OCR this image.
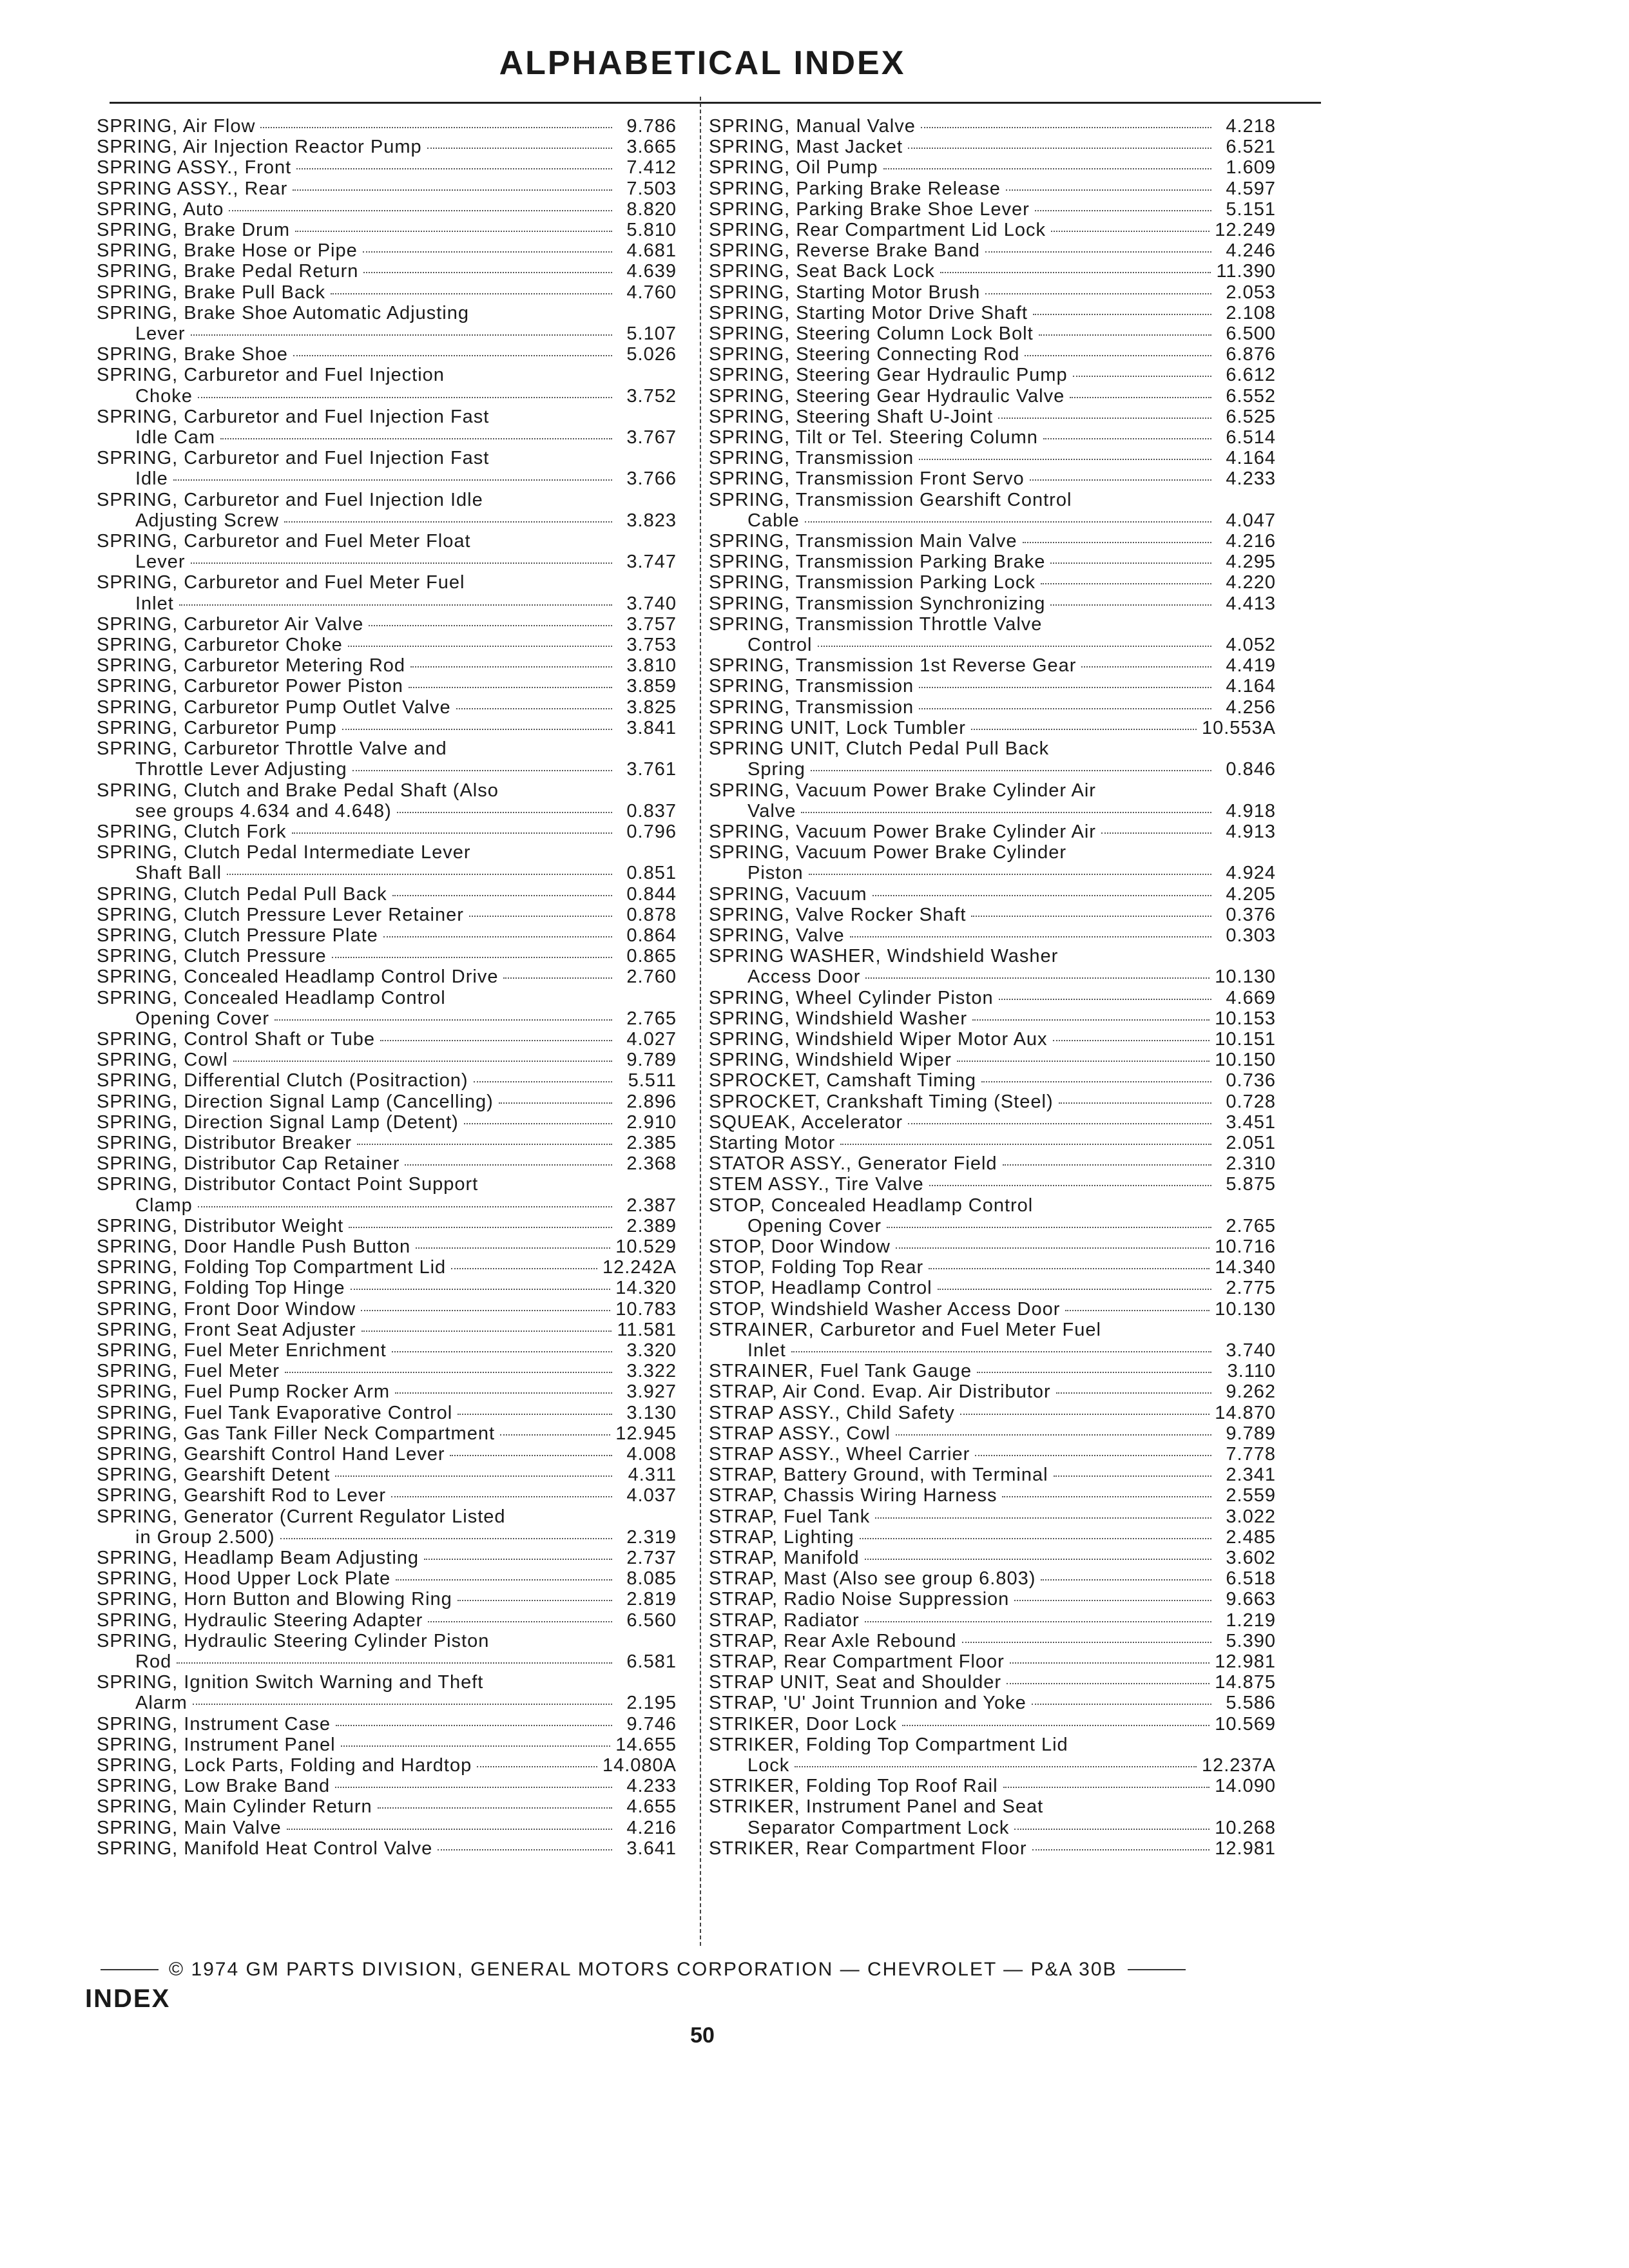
ALPHABETICAL INDEX
SPRING, Air Flow	9.786
SPRING, Air Injection Reactor Pump	3.665
SPRING ASSY., Front	7.412
SPRING ASSY., Rear	7.503
SPRING, Auto	8.820
SPRING, Brake Drum	5.810
SPRING, Brake Hose or Pipe	4.681
SPRING, Brake Pedal Return	4.639
SPRING, Brake Pull Back	4.760
SPRING, Brake Shoe Automatic Adjusting
Lever	5.107
SPRING, Brake Shoe	5.026
SPRING, Carburetor and Fuel Injection
Choke	3.752
SPRING, Carburetor and Fuel Injection Fast
Idle Cam	3.767
SPRING, Carburetor and Fuel Injection Fast
Idle	3.766
SPRING, Carburetor and Fuel Injection Idle
Adjusting Screw	3.823
SPRING, Carburetor and Fuel Meter Float
Lever	3.747
SPRING, Carburetor and Fuel Meter Fuel
Inlet	3.740
SPRING, Carburetor Air Valve	3.757
SPRING, Carburetor Choke	3.753
SPRING, Carburetor Metering Rod	3.810
SPRING, Carburetor Power Piston	3.859
SPRING, Carburetor Pump Outlet Valve	3.825
SPRING, Carburetor Pump	3.841
SPRING, Carburetor Throttle Valve and
Throttle Lever Adjusting	3.761
SPRING, Clutch and Brake Pedal Shaft (Also
see groups 4.634 and 4.648)	0.837
SPRING, Clutch Fork	0.796
SPRING, Clutch Pedal Intermediate Lever
Shaft Ball	0.851
SPRING, Clutch Pedal Pull Back	0.844
SPRING, Clutch Pressure Lever Retainer	0.878
SPRING, Clutch Pressure Plate	0.864
SPRING, Clutch Pressure	0.865
SPRING, Concealed Headlamp Control Drive	2.760
SPRING, Concealed Headlamp Control
Opening Cover	2.765
SPRING, Control Shaft or Tube	4.027
SPRING, Cowl	9.789
SPRING, Differential Clutch (Positraction)	5.511
SPRING, Direction Signal Lamp (Cancelling)	2.896
SPRING, Direction Signal Lamp (Detent)	2.910
SPRING, Distributor Breaker	2.385
SPRING, Distributor Cap Retainer	2.368
SPRING, Distributor Contact Point Support
Clamp	2.387
SPRING, Distributor Weight	2.389
SPRING, Door Handle Push Button	10.529
SPRING, Folding Top Compartment Lid	12.242A
SPRING, Folding Top Hinge	14.320
SPRING, Front Door Window	10.783
SPRING, Front Seat Adjuster	11.581
SPRING, Fuel Meter Enrichment	3.320
SPRING, Fuel Meter	3.322
SPRING, Fuel Pump Rocker Arm	3.927
SPRING, Fuel Tank Evaporative Control	3.130
SPRING, Gas Tank Filler Neck Compartment	12.945
SPRING, Gearshift Control Hand Lever	4.008
SPRING, Gearshift Detent	4.311
SPRING, Gearshift Rod to Lever	4.037
SPRING, Generator (Current Regulator Listed
in Group 2.500)	2.319
SPRING, Headlamp Beam Adjusting	2.737
SPRING, Hood Upper Lock Plate	8.085
SPRING, Horn Button and Blowing Ring	2.819
SPRING, Hydraulic Steering Adapter	6.560
SPRING, Hydraulic Steering Cylinder Piston
Rod	6.581
SPRING, Ignition Switch Warning and Theft
Alarm	2.195
SPRING, Instrument Case	9.746
SPRING, Instrument Panel	14.655
SPRING, Lock Parts, Folding and Hardtop	14.080A
SPRING, Low Brake Band	4.233
SPRING, Main Cylinder Return	4.655
SPRING, Main Valve	4.216
SPRING, Manifold Heat Control Valve	3.641
SPRING, Manual Valve	4.218
SPRING, Mast Jacket	6.521
SPRING, Oil Pump	1.609
SPRING, Parking Brake Release	4.597
SPRING, Parking Brake Shoe Lever	5.151
SPRING, Rear Compartment Lid Lock	12.249
SPRING, Reverse Brake Band	4.246
SPRING, Seat Back Lock	11.390
SPRING, Starting Motor Brush	2.053
SPRING, Starting Motor Drive Shaft	2.108
SPRING, Steering Column Lock Bolt	6.500
SPRING, Steering Connecting Rod	6.876
SPRING, Steering Gear Hydraulic Pump	6.612
SPRING, Steering Gear Hydraulic Valve	6.552
SPRING, Steering Shaft U-Joint	6.525
SPRING, Tilt or Tel. Steering Column	6.514
SPRING, Transmission	4.164
SPRING, Transmission Front Servo	4.233
SPRING, Transmission Gearshift Control
Cable	4.047
SPRING, Transmission Main Valve	4.216
SPRING, Transmission Parking Brake	4.295
SPRING, Transmission Parking Lock	4.220
SPRING, Transmission Synchronizing	4.413
SPRING, Transmission Throttle Valve
Control	4.052
SPRING, Transmission 1st Reverse Gear	4.419
SPRING, Transmission	4.164
SPRING, Transmission	4.256
SPRING UNIT, Lock Tumbler	10.553A
SPRING UNIT, Clutch Pedal Pull Back
Spring	0.846
SPRING, Vacuum Power Brake Cylinder Air
Valve	4.918
SPRING, Vacuum Power Brake Cylinder Air	4.913
SPRING, Vacuum Power Brake Cylinder
Piston	4.924
SPRING, Vacuum	4.205
SPRING, Valve Rocker Shaft	0.376
SPRING, Valve	0.303
SPRING WASHER, Windshield Washer
Access Door	10.130
SPRING, Wheel Cylinder Piston	4.669
SPRING, Windshield Washer	10.153
SPRING, Windshield Wiper Motor Aux	10.151
SPRING, Windshield Wiper	10.150
SPROCKET, Camshaft Timing	0.736
SPROCKET, Crankshaft Timing (Steel)	0.728
SQUEAK, Accelerator	3.451
Starting Motor	2.051
STATOR ASSY., Generator Field	2.310
STEM ASSY., Tire Valve	5.875
STOP, Concealed Headlamp Control
Opening Cover	2.765
STOP, Door Window	10.716
STOP, Folding Top Rear	14.340
STOP, Headlamp Control	2.775
STOP, Windshield Washer Access Door	10.130
STRAINER, Carburetor and Fuel Meter Fuel
Inlet	3.740
STRAINER, Fuel Tank Gauge	3.110
STRAP, Air Cond. Evap. Air Distributor	9.262
STRAP ASSY., Child Safety	14.870
STRAP ASSY., Cowl	9.789
STRAP ASSY., Wheel Carrier	7.778
STRAP, Battery Ground, with Terminal	2.341
STRAP, Chassis Wiring Harness	2.559
STRAP, Fuel Tank	3.022
STRAP, Lighting	2.485
STRAP, Manifold	3.602
STRAP, Mast (Also see group 6.803)	6.518
STRAP, Radio Noise Suppression	9.663
STRAP, Radiator	1.219
STRAP, Rear Axle Rebound	5.390
STRAP, Rear Compartment Floor	12.981
STRAP UNIT, Seat and Shoulder	14.875
STRAP, 'U' Joint Trunnion and Yoke	5.586
STRIKER, Door Lock	10.569
STRIKER, Folding Top Compartment Lid
Lock	12.237A
STRIKER, Folding Top Roof Rail	14.090
STRIKER, Instrument Panel and Seat
Separator Compartment Lock	10.268
STRIKER, Rear Compartment Floor	12.981
© 1974 GM PARTS DIVISION, GENERAL MOTORS CORPORATION — CHEVROLET — P&A 30B
INDEX
50
